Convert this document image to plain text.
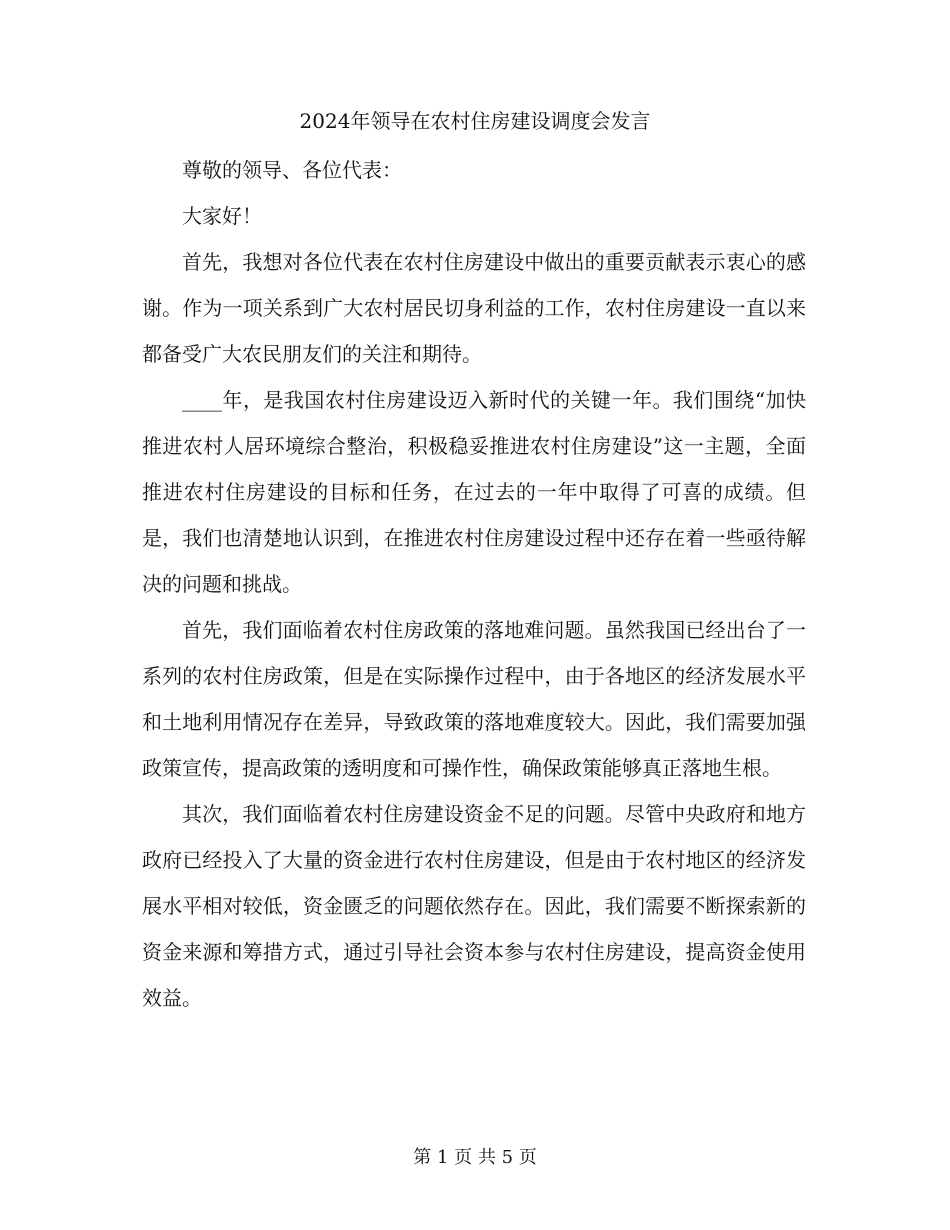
2024年领导在农村住房建设调度会发言

尊敬的领导、各位代表：

大家好！

首先，我想对各位代表在农村住房建设中做出的重要贡献表示衷心的感谢。作为一项关系到广大农村居民切身利益的工作，农村住房建设一直以来都备受广大农民朋友们的关注和期待。

____年，是我国农村住房建设迈入新时代的关键一年。我们围绕“加快推进农村人居环境综合整治，积极稳妥推进农村住房建设”这一主题，全面推进农村住房建设的目标和任务，在过去的一年中取得了可喜的成绩。但是，我们也清楚地认识到，在推进农村住房建设过程中还存在着一些亟待解决的问题和挑战。

首先，我们面临着农村住房政策的落地难问题。虽然我国已经出台了一系列的农村住房政策，但是在实际操作过程中，由于各地区的经济发展水平和土地利用情况存在差异，导致政策的落地难度较大。因此，我们需要加强政策宣传，提高政策的透明度和可操作性，确保政策能够真正落地生根。

其次，我们面临着农村住房建设资金不足的问题。尽管中央政府和地方政府已经投入了大量的资金进行农村住房建设，但是由于农村地区的经济发展水平相对较低，资金匮乏的问题依然存在。因此，我们需要不断探索新的资金来源和筹措方式，通过引导社会资本参与农村住房建设，提高资金使用效益。

第 1 页 共 5 页
